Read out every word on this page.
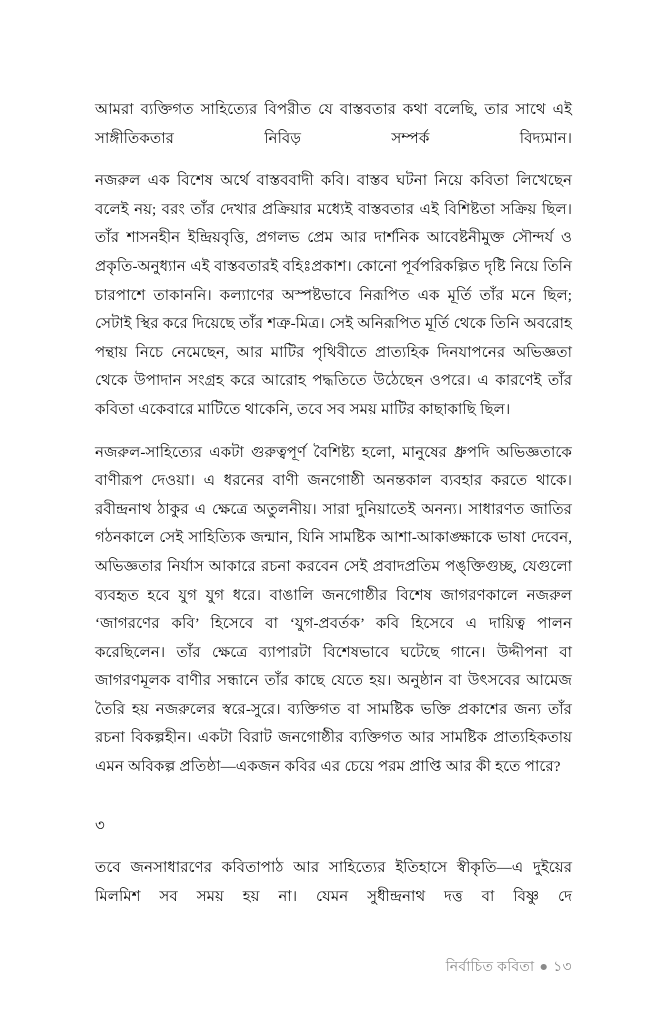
আমরা ব্যক্তিগত সাহিত্যের বিপরীত যে বাস্তবতার কথা বলেছি, তার সাথে এই সাঙ্গীতিকতার নিবিড় সম্পর্ক বিদ্যমান।

নজরুল এক বিশেষ অর্থে বাস্তববাদী কবি। বাস্তব ঘটনা নিয়ে কবিতা লিখেছেন বলেই নয়; বরং তাঁর দেখার প্রক্রিয়ার মধ্যেই বাস্তবতার এই বিশিষ্টতা সক্রিয় ছিল। তাঁর শাসনহীন ইন্দ্রিয়বৃত্তি, প্রগলভ প্রেম আর দার্শনিক আবেষ্টনীমুক্ত সৌন্দর্য ও প্রকৃতি-অনুধ্যান এই বাস্তবতারই বহিঃপ্রকাশ। কোনো পূর্বপরিকল্পিত দৃষ্টি নিয়ে তিনি চারপাশে তাকাননি। কল্যাণের অস্পষ্টভাবে নিরূপিত এক মূর্তি তাঁর মনে ছিল; সেটাই স্থির করে দিয়েছে তাঁর শত্রু-মিত্র। সেই অনিরূপিত মূর্তি থেকে তিনি অবরোহ পন্থায় নিচে নেমেছেন, আর মাটির পৃথিবীতে প্রাত্যহিক দিনযাপনের অভিজ্ঞতা থেকে উপাদান সংগ্রহ করে আরোহ পদ্ধতিতে উঠেছেন ওপরে। এ কারণেই তাঁর কবিতা একেবারে মাটিতে থাকেনি, তবে সব সময় মাটির কাছাকাছি ছিল।

নজরুল-সাহিত্যের একটা গুরুত্বপূর্ণ বৈশিষ্ট্য হলো, মানুষের ধ্রুপদি অভিজ্ঞতাকে বাণীরূপ দেওয়া। এ ধরনের বাণী জনগোষ্ঠী অনন্তকাল ব্যবহার করতে থাকে। রবীন্দ্রনাথ ঠাকুর এ ক্ষেত্রে অতুলনীয়। সারা দুনিয়াতেই অনন্য। সাধারণত জাতির গঠনকালে সেই সাহিত্যিক জন্মান, যিনি সামষ্টিক আশা-আকাঙ্ক্ষাকে ভাষা দেবেন, অভিজ্ঞতার নির্যাস আকারে রচনা করবেন সেই প্রবাদপ্রতিম পঙ্‌ক্তিগুচ্ছ, যেগুলো ব্যবহৃত হবে যুগ যুগ ধরে। বাঙালি জনগোষ্ঠীর বিশেষ জাগরণকালে নজরুল ‘জাগরণের কবি’ হিসেবে বা ‘যুগ-প্রবর্তক’ কবি হিসেবে এ দায়িত্ব পালন করেছিলেন। তাঁর ক্ষেত্রে ব্যাপারটা বিশেষভাবে ঘটেছে গানে। উদ্দীপনা বা জাগরণমূলক বাণীর সন্ধানে তাঁর কাছে যেতে হয়। অনুষ্ঠান বা উৎসবের আমেজ তৈরি হয় নজরুলের স্বরে-সুরে। ব্যক্তিগত বা সামষ্টিক ভক্তি প্রকাশের জন্য তাঁর রচনা বিকল্পহীন। একটা বিরাট জনগোষ্ঠীর ব্যক্তিগত আর সামষ্টিক প্রাত্যহিকতায় এমন অবিকল্প প্রতিষ্ঠা—একজন কবির এর চেয়ে পরম প্রাপ্তি আর কী হতে পারে?

৩

তবে জনসাধারণের কবিতাপাঠ আর সাহিত্যের ইতিহাসে স্বীকৃতি—এ দুইয়ের মিলমিশ সব সময় হয় না। যেমন সুধীন্দ্রনাথ দত্ত বা বিষ্ণু দে

নির্বাচিত কবিতা ● ১৩
